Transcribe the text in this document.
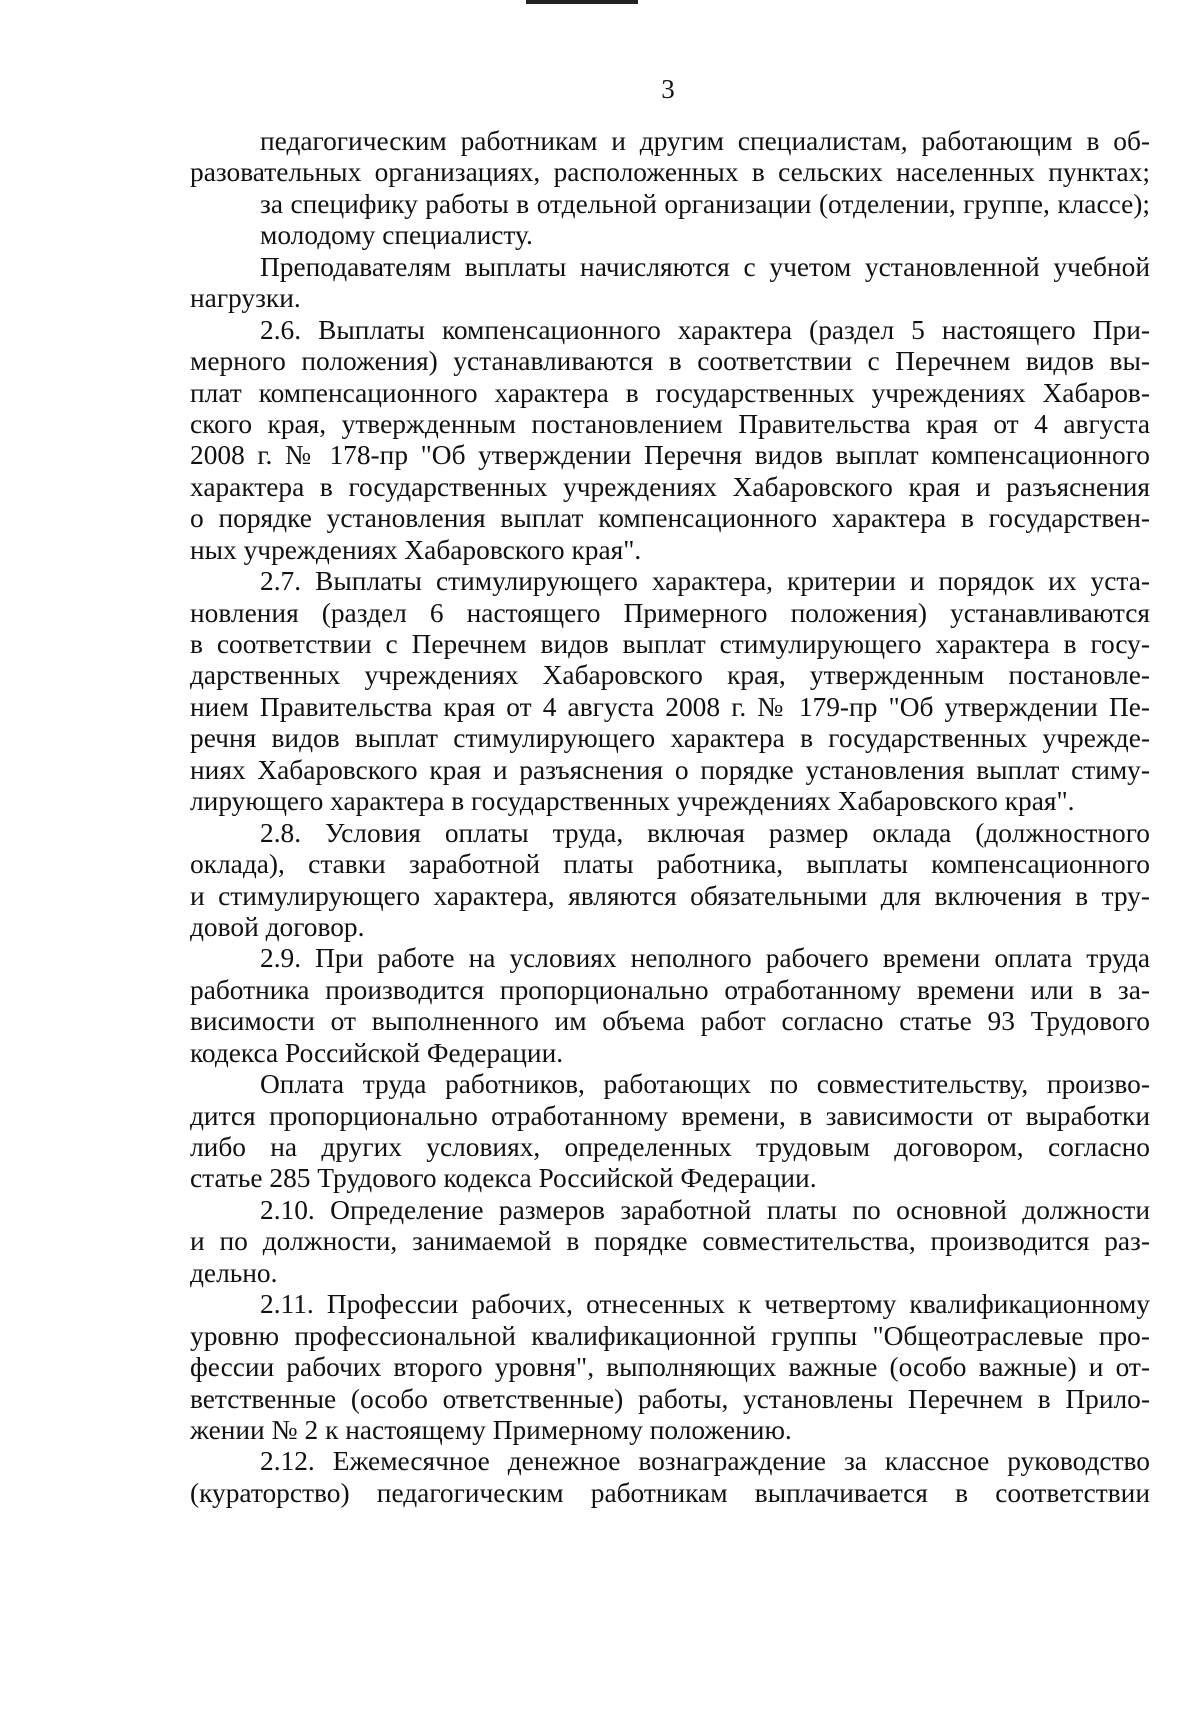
3
педагогическим работникам и другим специалистам, работающим в об-
разовательных организациях, расположенных в сельских населенных пунктах;
за специфику работы в отдельной организации (отделении, группе, классе);
молодому специалисту.
Преподавателям выплаты начисляются с учетом установленной учебной
нагрузки.
2.6. Выплаты компенсационного характера (раздел 5 настоящего При-
мерного положения) устанавливаются в соответствии с Перечнем видов вы-
плат компенсационного характера в государственных учреждениях Хабаров-
ского края, утвержденным постановлением Правительства края от 4 августа
2008 г. № 178-пр "Об утверждении Перечня видов выплат компенсационного
характера в государственных учреждениях Хабаровского края и разъяснения
о порядке установления выплат компенсационного характера в государствен-
ных учреждениях Хабаровского края".
2.7. Выплаты стимулирующего характера, критерии и порядок их уста-
новления (раздел 6 настоящего Примерного положения) устанавливаются
в соответствии с Перечнем видов выплат стимулирующего характера в госу-
дарственных учреждениях Хабаровского края, утвержденным постановле-
нием Правительства края от 4 августа 2008 г. № 179-пр "Об утверждении Пе-
речня видов выплат стимулирующего характера в государственных учрежде-
ниях Хабаровского края и разъяснения о порядке установления выплат стиму-
лирующего характера в государственных учреждениях Хабаровского края".
2.8. Условия оплаты труда, включая размер оклада (должностного
оклада), ставки заработной платы работника, выплаты компенсационного
и стимулирующего характера, являются обязательными для включения в тру-
довой договор.
2.9. При работе на условиях неполного рабочего времени оплата труда
работника производится пропорционально отработанному времени или в за-
висимости от выполненного им объема работ согласно статье 93 Трудового
кодекса Российской Федерации.
Оплата труда работников, работающих по совместительству, произво-
дится пропорционально отработанному времени, в зависимости от выработки
либо на других условиях, определенных трудовым договором, согласно
статье 285 Трудового кодекса Российской Федерации.
2.10. Определение размеров заработной платы по основной должности
и по должности, занимаемой в порядке совместительства, производится раз-
дельно.
2.11. Профессии рабочих, отнесенных к четвертому квалификационному
уровню профессиональной квалификационной группы "Общеотраслевые про-
фессии рабочих второго уровня", выполняющих важные (особо важные) и от-
ветственные (особо ответственные) работы, установлены Перечнем в Прило-
жении № 2 к настоящему Примерному положению.
2.12. Ежемесячное денежное вознаграждение за классное руководство
(кураторство) педагогическим работникам выплачивается в соответствии
